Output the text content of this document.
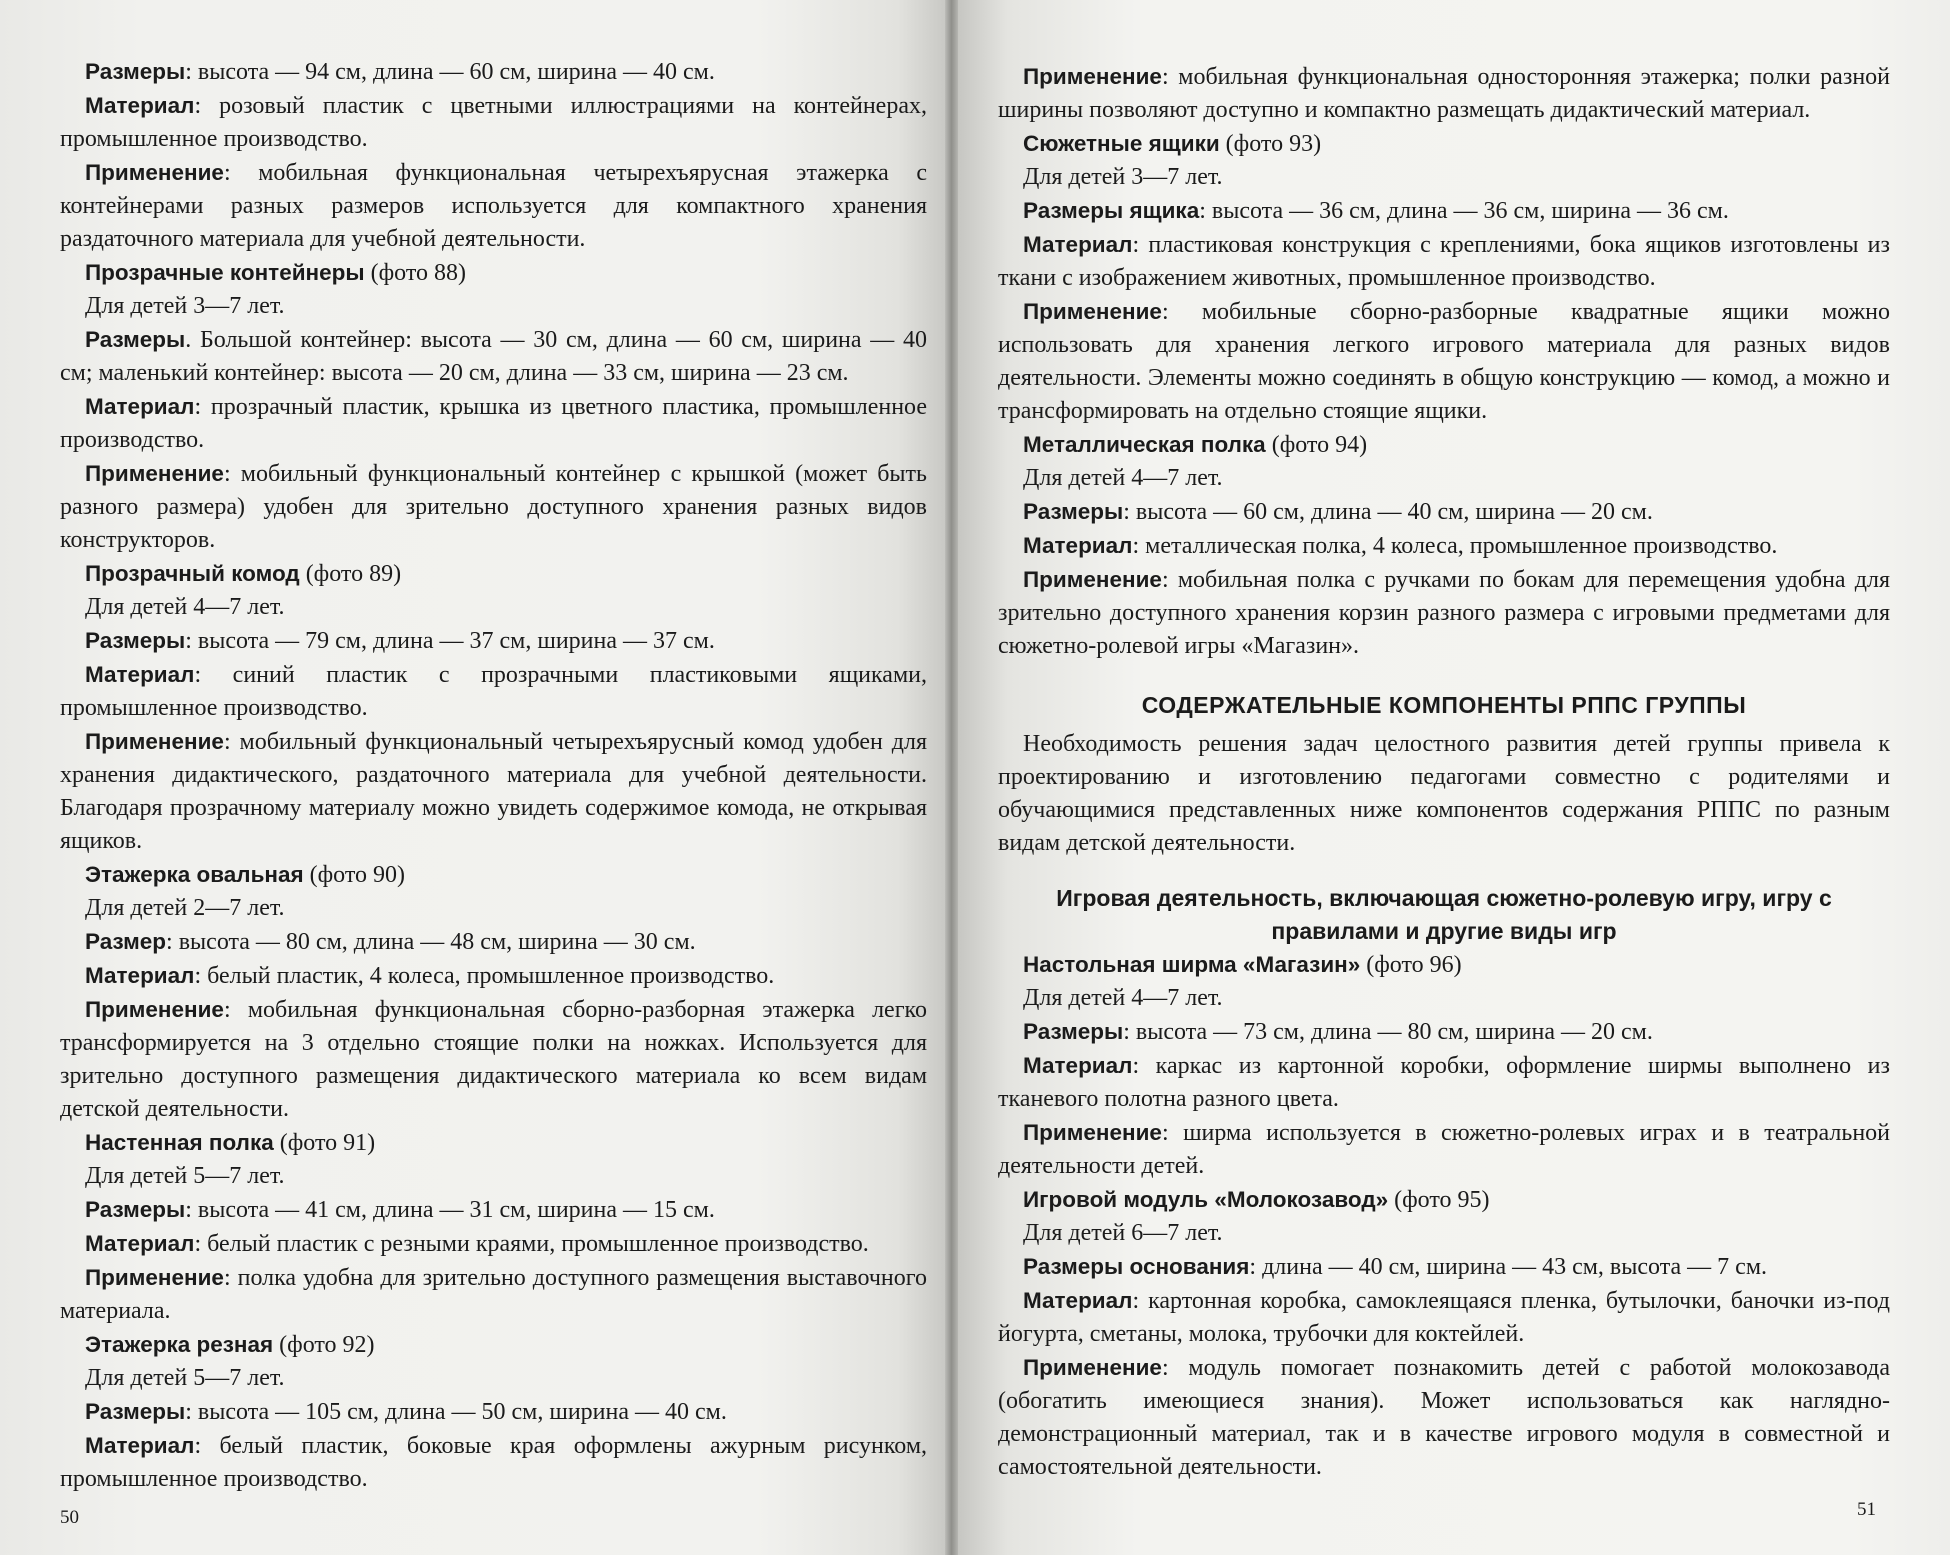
Размеры: высота — 94 см, длина — 60 см, ширина — 40 см.

Материал: розовый пластик с цветными иллюстрациями на контейнерах, промышленное производство.

Применение: мобильная функциональная четырехъярусная этажерка с контейнерами разных размеров используется для компактного хранения раздаточного материала для учебной деятельности.

Прозрачные контейнеры (фото 88)

Для детей 3—7 лет.

Размеры. Большой контейнер: высота — 30 см, длина — 60 см, ширина — 40 см; маленький контейнер: высота — 20 см, длина — 33 см, ширина — 23 см.

Материал: прозрачный пластик, крышка из цветного пластика, промышленное производство.

Применение: мобильный функциональный контейнер с крышкой (может быть разного размера) удобен для зрительно доступного хранения разных видов конструкторов.

Прозрачный комод (фото 89)

Для детей 4—7 лет.

Размеры: высота — 79 см, длина — 37 см, ширина — 37 см.

Материал: синий пластик с прозрачными пластиковыми ящиками, промышленное производство.

Применение: мобильный функциональный четырехъярусный комод удобен для хранения дидактического, раздаточного материала для учебной деятельности. Благодаря прозрачному материалу можно увидеть содержимое комода, не открывая ящиков.

Этажерка овальная (фото 90)

Для детей 2—7 лет.

Размер: высота — 80 см, длина — 48 см, ширина — 30 см.

Материал: белый пластик, 4 колеса, промышленное производство.

Применение: мобильная функциональная сборно-разборная этажерка легко трансформируется на 3 отдельно стоящие полки на ножках. Используется для зрительно доступного размещения дидактического материала ко всем видам детской деятельности.

Настенная полка (фото 91)

Для детей 5—7 лет.

Размеры: высота — 41 см, длина — 31 см, ширина — 15 см.

Материал: белый пластик с резными краями, промышленное производство.

Применение: полка удобна для зрительно доступного размещения выставочного материала.

Этажерка резная (фото 92)

Для детей 5—7 лет.

Размеры: высота — 105 см, длина — 50 см, ширина — 40 см.

Материал: белый пластик, боковые края оформлены ажурным рисунком, промышленное производство.

50

Применение: мобильная функциональная односторонняя этажерка; полки разной ширины позволяют доступно и компактно размещать дидактический материал.

Сюжетные ящики (фото 93)

Для детей 3—7 лет.

Размеры ящика: высота — 36 см, длина — 36 см, ширина — 36 см.

Материал: пластиковая конструкция с креплениями, бока ящиков изготовлены из ткани с изображением животных, промышленное производство.

Применение: мобильные сборно-разборные квадратные ящики можно использовать для хранения легкого игрового материала для разных видов деятельности. Элементы можно соединять в общую конструкцию — комод, а можно и трансформировать на отдельно стоящие ящики.

Металлическая полка (фото 94)

Для детей 4—7 лет.

Размеры: высота — 60 см, длина — 40 см, ширина — 20 см.

Материал: металлическая полка, 4 колеса, промышленное производство.

Применение: мобильная полка с ручками по бокам для перемещения удобна для зрительно доступного хранения корзин разного размера с игровыми предметами для сюжетно-ролевой игры «Магазин».

СОДЕРЖАТЕЛЬНЫЕ КОМПОНЕНТЫ РППС ГРУППЫ

Необходимость решения задач целостного развития детей группы привела к проектированию и изготовлению педагогами совместно с родителями и обучающимися представленных ниже компонентов содержания РППС по разным видам детской деятельности.

Игровая деятельность, включающая сюжетно-ролевую игру, игру с правилами и другие виды игр

Настольная ширма «Магазин» (фото 96)

Для детей 4—7 лет.

Размеры: высота — 73 см, длина — 80 см, ширина — 20 см.

Материал: каркас из картонной коробки, оформление ширмы выполнено из тканевого полотна разного цвета.

Применение: ширма используется в сюжетно-ролевых играх и в театральной деятельности детей.

Игровой модуль «Молокозавод» (фото 95)

Для детей 6—7 лет.

Размеры основания: длина — 40 см, ширина — 43 см, высота — 7 см.

Материал: картонная коробка, самоклеящаяся пленка, бутылочки, баночки из-под йогурта, сметаны, молока, трубочки для коктейлей.

Применение: модуль помогает познакомить детей с работой молокозавода (обогатить имеющиеся знания). Может использоваться как наглядно-демонстрационный материал, так и в качестве игрового модуля в совместной и самостоятельной деятельности.

51
